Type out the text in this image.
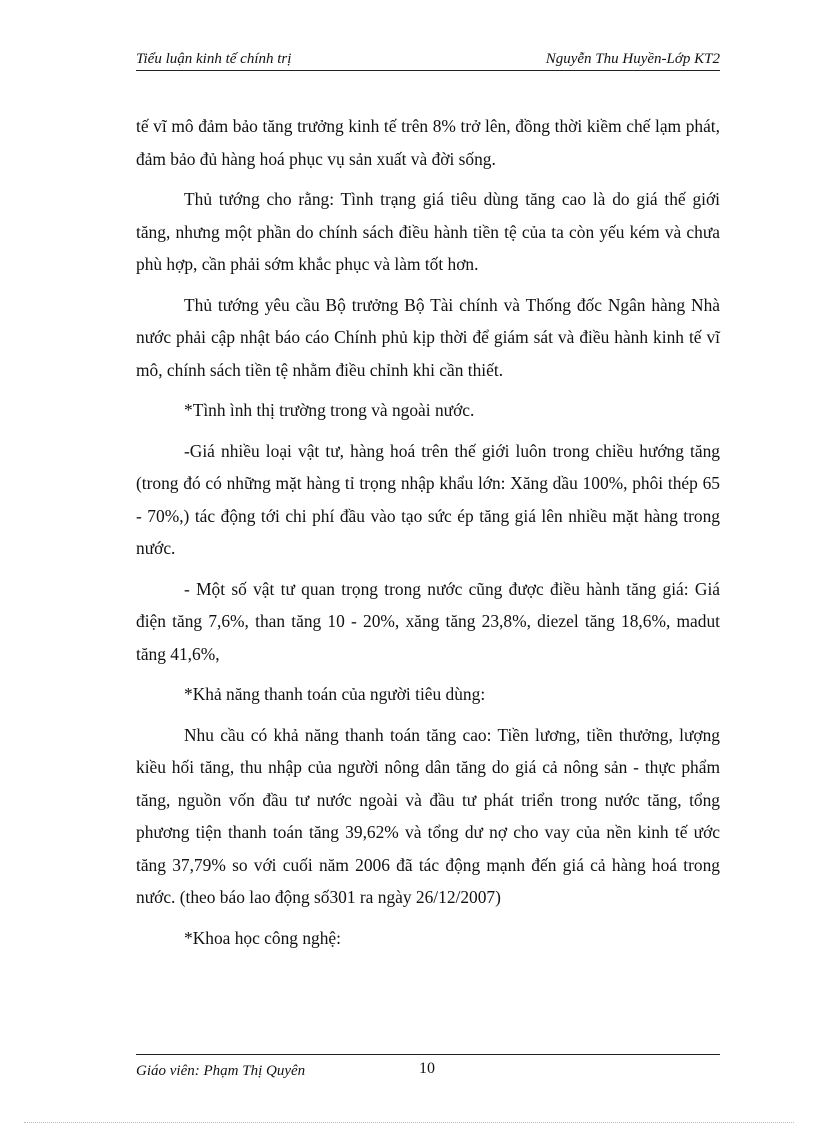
Tiểu luận kinh tế chính trị	Nguyễn Thu Huyền-Lớp KT2

tế vĩ mô đảm bảo tăng trưởng kinh tế trên 8% trở lên, đồng thời kiềm chế lạm phát, đảm bảo đủ hàng hoá phục vụ sản xuất và đời sống.

Thủ tướng cho rằng: Tình trạng giá tiêu dùng tăng cao là do giá thế giới tăng, nhưng một phần do chính sách điều hành tiền tệ của ta còn yếu kém và chưa phù hợp, cần phải sớm khắc phục và làm tốt hơn.

Thủ tướng yêu cầu Bộ trưởng Bộ Tài chính và Thống đốc Ngân hàng Nhà nước phải cập nhật báo cáo Chính phủ kịp thời để giám sát và điều hành kinh tế vĩ mô, chính sách tiền tệ nhằm điều chỉnh khi cần thiết.

*Tình ình thị trường trong và ngoài nước.

-Giá nhiều loại vật tư, hàng hoá trên thế giới luôn trong chiều hướng tăng (trong đó có những mặt hàng tỉ trọng nhập khẩu lớn: Xăng dầu 100%, phôi thép 65 - 70%,) tác động tới chi phí đầu vào tạo sức ép tăng giá lên nhiều mặt hàng trong nước.

- Một số vật tư quan trọng trong nước cũng được điều hành tăng giá: Giá điện tăng 7,6%, than tăng 10 - 20%, xăng tăng 23,8%, diezel tăng 18,6%, madut tăng 41,6%,

*Khả năng thanh toán của người tiêu dùng:

Nhu cầu có khả năng thanh toán tăng cao: Tiền lương, tiền thưởng, lượng kiều hối tăng, thu nhập của người nông dân tăng do giá cả nông sản - thực phẩm tăng, nguồn vốn đầu tư nước ngoài và đầu tư phát triển trong nước tăng, tổng phương tiện thanh toán tăng 39,62% và tổng dư nợ cho vay của nền kinh tế ước tăng 37,79% so với cuối năm 2006 đã tác động mạnh đến giá cả hàng hoá trong nước. (theo báo lao động số301 ra ngày 26/12/2007)

*Khoa học công nghệ:

Giáo viên: Phạm Thị Quyên	10
